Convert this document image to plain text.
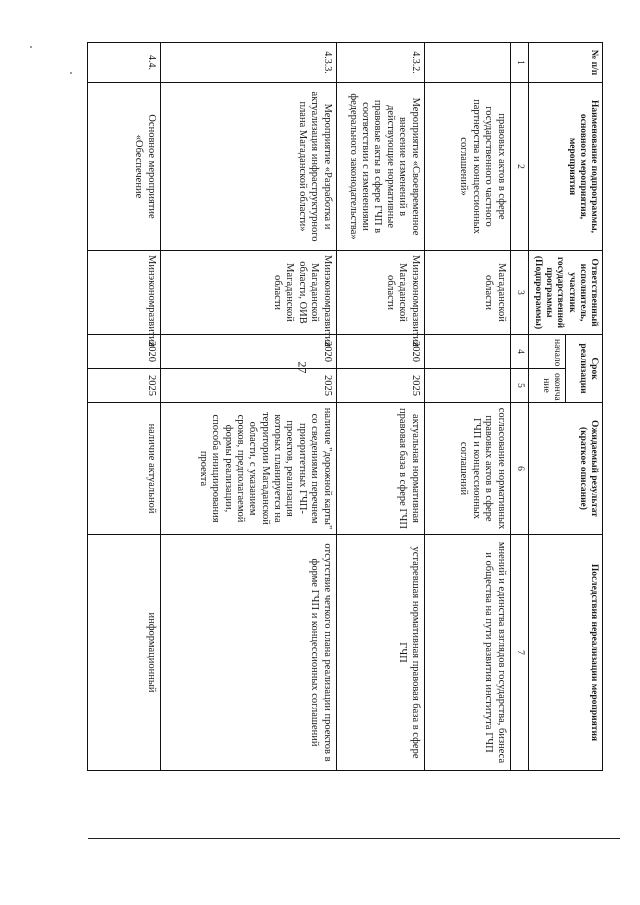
27
№ п/п	Наименование подпрограммы, основного мероприятия, мероприятия	Ответственный исполнитель, участник государственной программы (Подпрограммы)	Срок реализации		Ожидаемый результат (краткое описание)	Последствия нереализации мероприятия
			начало	оконча ние		
1	2	3	4	5	6	7
	правовых актов в сфере государственного частного партнерства и концессионных соглашений»	Магаданской области			согласование нормативных правовых актов в сфере ГЧП и концессионных соглашений	мнений и единства взглядов государства, бизнеса и общества на пути развития института ГЧП
4.3.2.	Мероприятие «Своевременное внесение изменений в действующие нормативные правовые акты в сфере ГЧП в соответствии с изменениями федерального законодательства»	Минэкономразвития Магаданской области	2020	2025	актуальная нормативная правовая база в сфере ГЧП	устаревшая нормативная правовая база в сфере ГЧП
4.3.3.	Мероприятие «Разработка и актуализация инфраструктурного плана Магаданской области»	Минэкономразвития Магаданской области, ОИВ Магаданской области	2020	2025	наличие "дорожной карты" со сведениями перечнем приоритетных ГЧП-проектов, реализация которых планируется на территории Магаданской области, с указанием сроков, предполагаемой формы реализации, способа инициирования проекта	отсутствие четкого плана реализации проектов в форме ГЧП и концессионных соглашений
4.4.	Основное мероприятие «Обеспечение	Минэкономразвития	2020	2025	наличие актуальной	информационный
